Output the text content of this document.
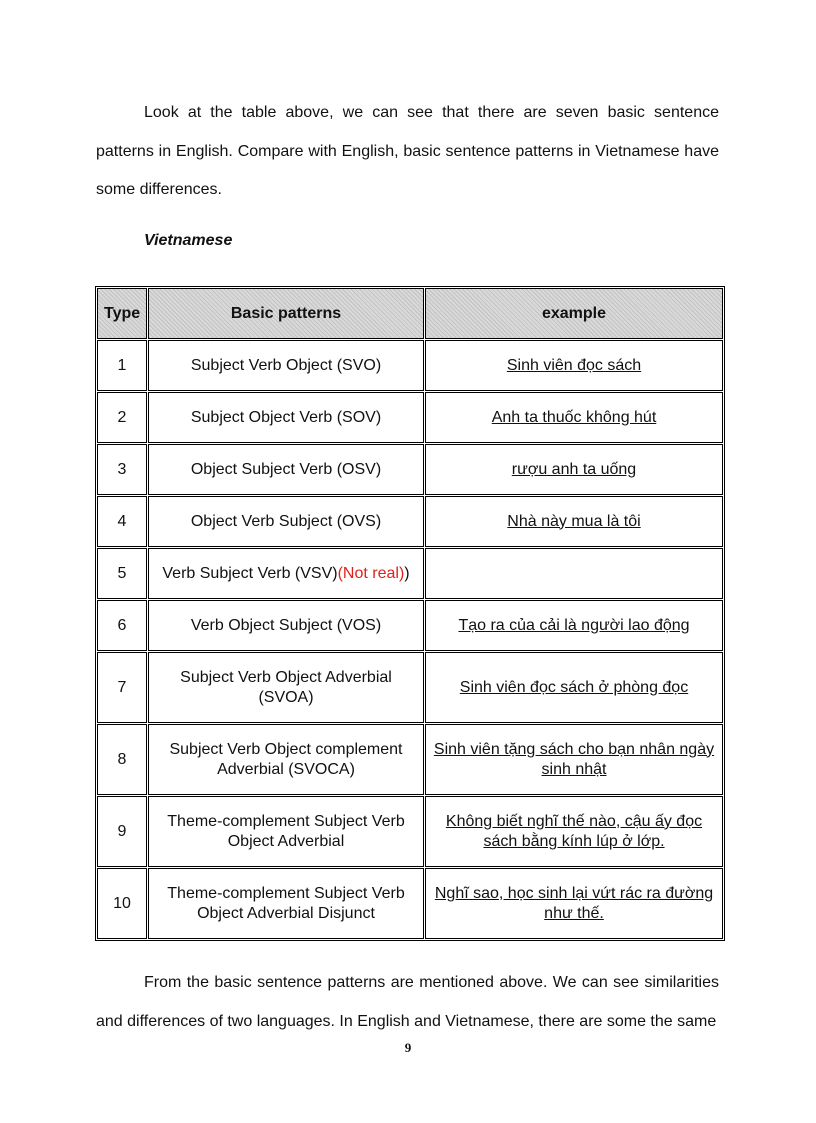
Look at the table above, we can see that there are seven basic sentence patterns in English. Compare with English, basic sentence patterns in Vietnamese have some differences.

Vietnamese

Type	Basic patterns	example
1	Subject Verb Object (SVO)	Sinh viên đọc sách
2	Subject Object Verb (SOV)	Anh ta thuốc không hút
3	Object Subject Verb (OSV)	rượu anh ta uống
4	Object Verb Subject (OVS)	Nhà này mua là tôi
5	Verb Subject Verb (VSV)(Not real))	
6	Verb Object Subject (VOS)	Tạo ra của cải là người lao động
7	Subject Verb Object Adverbial (SVOA)	Sinh viên đọc sách ở phòng đọc
8	Subject Verb Object complement Adverbial (SVOCA)	Sinh viên tặng sách cho bạn nhân ngày sinh nhật
9	Theme-complement Subject Verb Object Adverbial	Không biết nghĩ thế nào, cậu ấy đọc sách bằng kính lúp ở lớp.
10	Theme-complement Subject Verb Object Adverbial Disjunct	Nghĩ sao, học sinh lại vứt rác ra đường như thế.

From the basic sentence patterns are mentioned above. We can see similarities and differences of two languages. In English and Vietnamese, there are some the same

9
